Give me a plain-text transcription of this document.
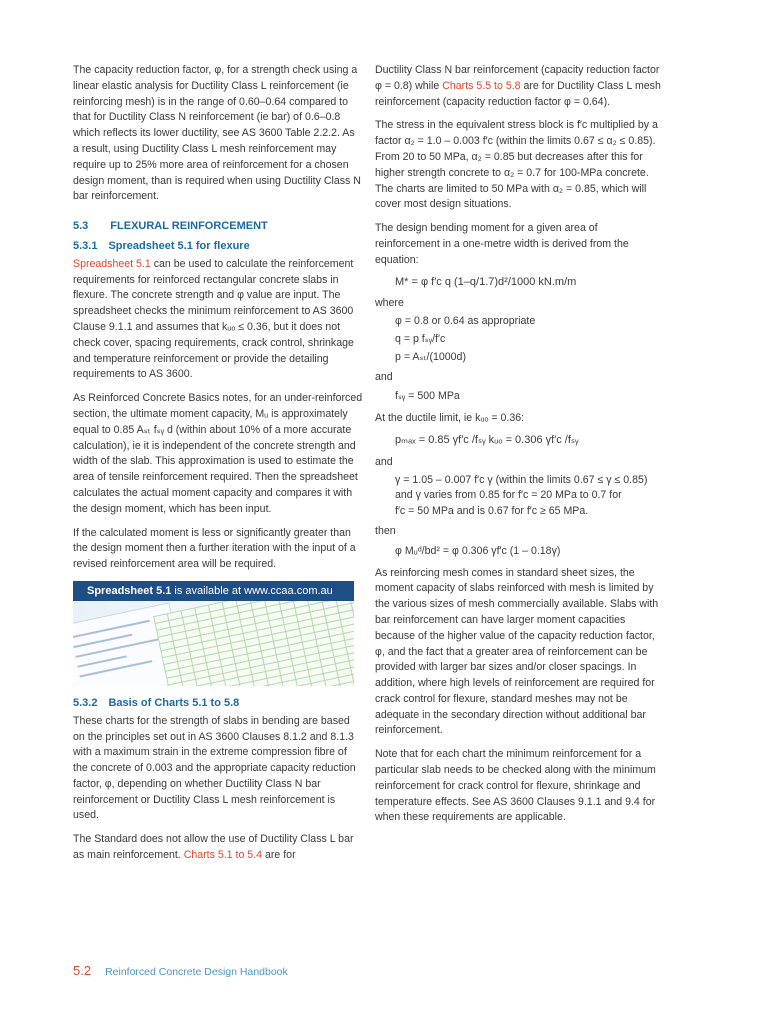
The capacity reduction factor, φ, for a strength check using a linear elastic analysis for Ductility Class L reinforcement (ie reinforcing mesh) is in the range of 0.60–0.64 compared to that for Ductility Class N reinforcement (ie bar) of 0.6–0.8 which reflects its lower ductility, see AS 3600 Table 2.2.2. As a result, using Ductility Class L mesh reinforcement may require up to 25% more area of reinforcement for a chosen design moment, than is required when using Ductility Class N bar reinforcement.

5.3  FLEXURAL REINFORCEMENT
5.3.1 Spreadsheet 5.1 for flexure

Spreadsheet 5.1 can be used to calculate the reinforcement requirements for reinforced rectangular concrete slabs in flexure. The concrete strength and φ value are input. The spreadsheet checks the minimum reinforcement to AS 3600 Clause 9.1.1 and assumes that kᵤₒ ≤ 0.36, but it does not check cover, spacing requirements, crack control, shrinkage and temperature reinforcement or provide the detailing requirements to AS 3600.

As Reinforced Concrete Basics notes, for an under-reinforced section, the ultimate moment capacity, Mᵤ is approximately equal to 0.85 Aₛₜ fₛᵧ d (within about 10% of a more accurate calculation), ie it is independent of the concrete strength and width of the slab. This approximation is used to estimate the area of tensile reinforcement required. Then the spreadsheet calculates the actual moment capacity and compares it with the design moment, which has been input.

If the calculated moment is less or significantly greater than the design moment then a further iteration with the input of a revised reinforcement area will be required.

Spreadsheet 5.1 is available at www.ccaa.com.au
5.3.2 Basis of Charts 5.1 to 5.8

These charts for the strength of slabs in bending are based on the principles set out in AS 3600 Clauses 8.1.2 and 8.1.3 with a maximum strain in the extreme compression fibre of the concrete of 0.003 and the appropriate capacity reduction factor, φ, depending on whether Ductility Class N bar reinforcement or Ductility Class L mesh reinforcement is used.

The Standard does not allow the use of Ductility Class L bar as main reinforcement. Charts 5.1 to 5.4 are for

Ductility Class N bar reinforcement (capacity reduction factor φ = 0.8) while Charts 5.5 to 5.8 are for Ductility Class L mesh reinforcement (capacity reduction factor φ = 0.64).

The stress in the equivalent stress block is f′c multiplied by a factor α₂ = 1.0 – 0.003 f′c (within the limits 0.67 ≤ α₂ ≤ 0.85). From 20 to 50 MPa, α₂ = 0.85 but decreases after this for higher strength concrete to α₂ = 0.7 for 100-MPa concrete. The charts are limited to 50 MPa with α₂ = 0.85, which will cover most design situations.

The design bending moment for a given area of reinforcement in a one-metre width is derived from the equation:

M* = φ f′c q (1–q/1.7)d²/1000 kN.m/m
where
φ = 0.8 or 0.64 as appropriate
q = p fₛᵧ/f′c
p = Aₛₜ/(1000d)
and
fₛᵧ = 500 MPa
At the ductile limit, ie kᵤₒ = 0.36:
pₘₐₓ = 0.85 γf′c /fₛᵧ kᵤₒ = 0.306 γf′c /fₛᵧ
and
γ = 1.05 – 0.007 f′c γ (within the limits 0.67 ≤ γ ≤ 0.85)
and γ varies from 0.85 for f′c = 20 MPa to 0.7 for
f′c = 50 MPa and is 0.67 for f′c ≥ 65 MPa.
then
φ Mᵤᵈ/bd² = φ 0.306 γf′c (1 – 0.18γ)

As reinforcing mesh comes in standard sheet sizes, the moment capacity of slabs reinforced with mesh is limited by the various sizes of mesh commercially available. Slabs with bar reinforcement can have larger moment capacities because of the higher value of the capacity reduction factor, φ, and the fact that a greater area of reinforcement can be provided with larger bar sizes and/or closer spacings. In addition, where high levels of reinforcement are required for crack control for flexure, standard meshes may not be adequate in the secondary direction without additional bar reinforcement.

Note that for each chart the minimum reinforcement for a particular slab needs to be checked along with the minimum reinforcement for crack control for flexure, shrinkage and temperature effects. See AS 3600 Clauses 9.1.1 and 9.4 for when these requirements are applicable.

5.2 Reinforced Concrete Design Handbook
